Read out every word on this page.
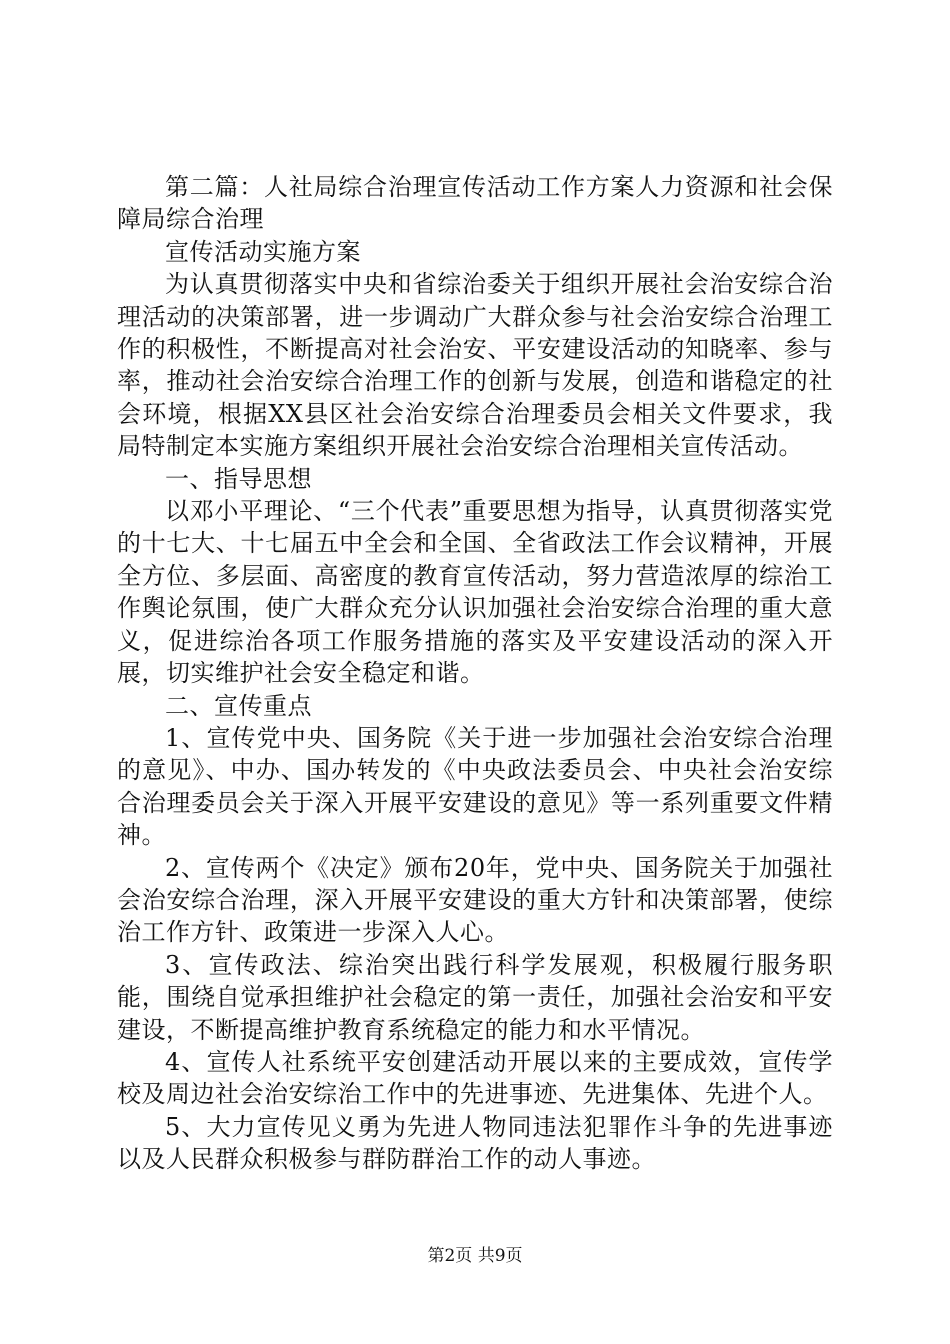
第二篇：人社局综合治理宣传活动工作方案人力资源和社会保障局综合治理

宣传活动实施方案

为认真贯彻落实中央和省综治委关于组织开展社会治安综合治理活动的决策部署，进一步调动广大群众参与社会治安综合治理工作的积极性，不断提高对社会治安、平安建设活动的知晓率、参与率，推动社会治安综合治理工作的创新与发展，创造和谐稳定的社会环境，根据XX县区社会治安综合治理委员会相关文件要求，我局特制定本实施方案组织开展社会治安综合治理相关宣传活动。

一、指导思想

以邓小平理论、“三个代表”重要思想为指导，认真贯彻落实党的十七大、十七届五中全会和全国、全省政法工作会议精神，开展全方位、多层面、高密度的教育宣传活动，努力营造浓厚的综治工作舆论氛围，使广大群众充分认识加强社会治安综合治理的重大意义，促进综治各项工作服务措施的落实及平安建设活动的深入开展，切实维护社会安全稳定和谐。

二、宣传重点

1、宣传党中央、国务院《关于进一步加强社会治安综合治理的意见》、中办、国办转发的《中央政法委员会、中央社会治安综合治理委员会关于深入开展平安建设的意见》等一系列重要文件精神。

2、宣传两个《决定》颁布20年，党中央、国务院关于加强社会治安综合治理，深入开展平安建设的重大方针和决策部署，使综治工作方针、政策进一步深入人心。

3、宣传政法、综治突出践行科学发展观，积极履行服务职能，围绕自觉承担维护社会稳定的第一责任，加强社会治安和平安建设，不断提高维护教育系统稳定的能力和水平情况。

4、宣传人社系统平安创建活动开展以来的主要成效，宣传学校及周边社会治安综治工作中的先进事迹、先进集体、先进个人。

5、大力宣传见义勇为先进人物同违法犯罪作斗争的先进事迹以及人民群众积极参与群防群治工作的动人事迹。

第2页 共9页
